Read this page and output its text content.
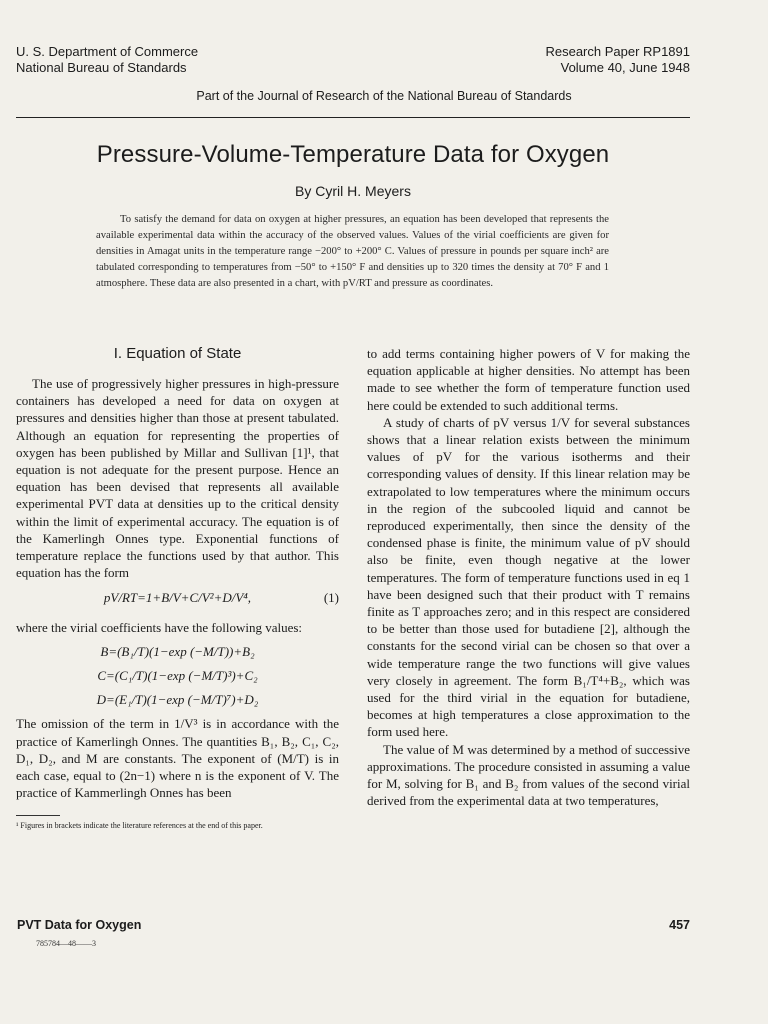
U. S. Department of Commerce
National Bureau of Standards
Research Paper RP1891
Volume 40, June 1948
Part of the Journal of Research of the National Bureau of Standards
Pressure-Volume-Temperature Data for Oxygen
By Cyril H. Meyers
To satisfy the demand for data on oxygen at higher pressures, an equation has been developed that represents the available experimental data within the accuracy of the observed values. Values of the virial coefficients are given for densities in Amagat units in the temperature range −200° to +200° C. Values of pressure in pounds per square inch² are tabulated corresponding to temperatures from −50° to +150° F and densities up to 320 times the density at 70° F and 1 atmosphere. These data are also presented in a chart, with pV/RT and pressure as coordinates.
I. Equation of State

The use of progressively higher pressures in high-pressure containers has developed a need for data on oxygen at pressures and densities higher than those at present tabulated. Although an equation for representing the properties of oxygen has been published by Millar and Sullivan [1]¹, that equation is not adequate for the present purpose. Hence an equation has been devised that represents all available experimental PVT data at densities up to the critical density within the limit of experimental accuracy. The equation is of the Kamerlingh Onnes type. Exponential functions of temperature replace the functions used by that author. This equation has the form

pV/RT=1+B/V+C/V²+D/V⁴,	(1)

where the virial coefficients have the following values:

B=(B₁/T)(1−exp (−M/T))+B₂
C=(C₁/T)(1−exp (−M/T)³)+C₂
D=(E₁/T)(1−exp (−M/T)⁷)+D₂

The omission of the term in 1/V³ is in accordance with the practice of Kamerlingh Onnes. The quantities B₁, B₂, C₁, C₂, D₁, D₂, and M are constants. The exponent of (M/T) is in each case, equal to (2n−1) where n is the exponent of V. The practice of Kammerlingh Onnes has been

¹ Figures in brackets indicate the literature references at the end of this paper.

to add terms containing higher powers of V for making the equation applicable at higher densities. No attempt has been made to see whether the form of temperature function used here could be extended to such additional terms.

A study of charts of pV versus 1/V for several substances shows that a linear relation exists between the minimum values of pV for the various isotherms and their corresponding values of density. If this linear relation may be extrapolated to low temperatures where the minimum occurs in the region of the subcooled liquid and cannot be reproduced experimentally, then since the density of the condensed phase is finite, the minimum value of pV should also be finite, even though negative at the lower temperatures. The form of temperature functions used in eq 1 have been designed such that their product with T remains finite as T approaches zero; and in this respect are considered to be better than those used for butadiene [2], although the constants for the second virial can be chosen so that over a wide temperature range the two functions will give values very closely in agreement. The form B₁/T⁴+B₂, which was used for the third virial in the equation for butadiene, becomes at high temperatures a close approximation to the form used here.

The value of M was determined by a method of successive approximations. The procedure consisted in assuming a value for M, solving for B₁ and B₂ from values of the second virial derived from the experimental data at two temperatures,

PVT Data for Oxygen
785784—48——3
457
